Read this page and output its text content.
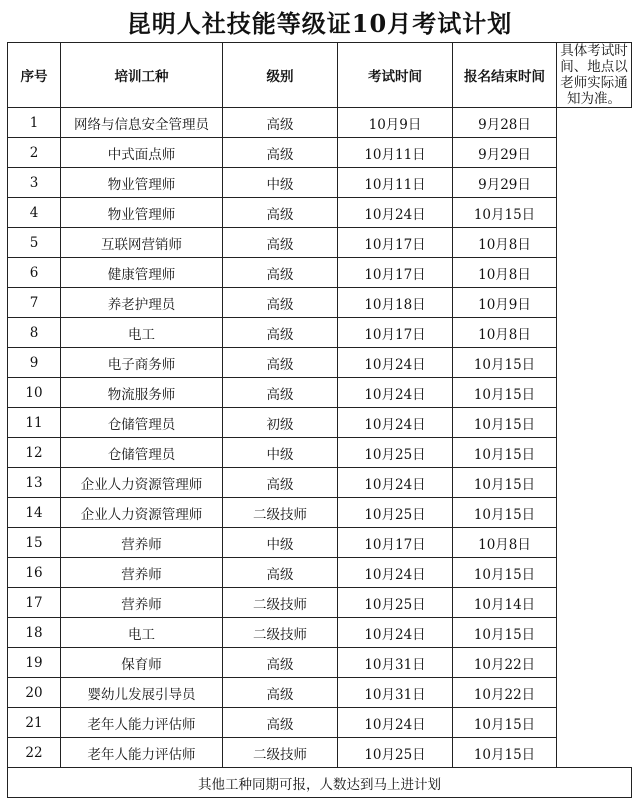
昆明人社技能等级证10月考试计划
序号	培训工种	级别	考试时间	报名结束时间	具体考试时间、地点以老师实际通知为准。
1	网络与信息安全管理员	高级	10月9日	9月28日	
2	中式面点师	高级	10月11日	9月29日	
3	物业管理师	中级	10月11日	9月29日	
4	物业管理师	高级	10月24日	10月15日	
5	互联网营销师	高级	10月17日	10月8日	
6	健康管理师	高级	10月17日	10月8日	
7	养老护理员	高级	10月18日	10月9日	
8	电工	高级	10月17日	10月8日	
9	电子商务师	高级	10月24日	10月15日	
10	物流服务师	高级	10月24日	10月15日	
11	仓储管理员	初级	10月24日	10月15日	
12	仓储管理员	中级	10月25日	10月15日	
13	企业人力资源管理师	高级	10月24日	10月15日	
14	企业人力资源管理师	二级技师	10月25日	10月15日	
15	营养师	中级	10月17日	10月8日	
16	营养师	高级	10月24日	10月15日	
17	营养师	二级技师	10月25日	10月14日	
18	电工	二级技师	10月24日	10月15日	
19	保育师	高级	10月31日	10月22日	
20	婴幼儿发展引导员	高级	10月31日	10月22日	
21	老年人能力评估师	高级	10月24日	10月15日	
22	老年人能力评估师	二级技师	10月25日	10月15日	
其他工种同期可报，人数达到马上进计划					
